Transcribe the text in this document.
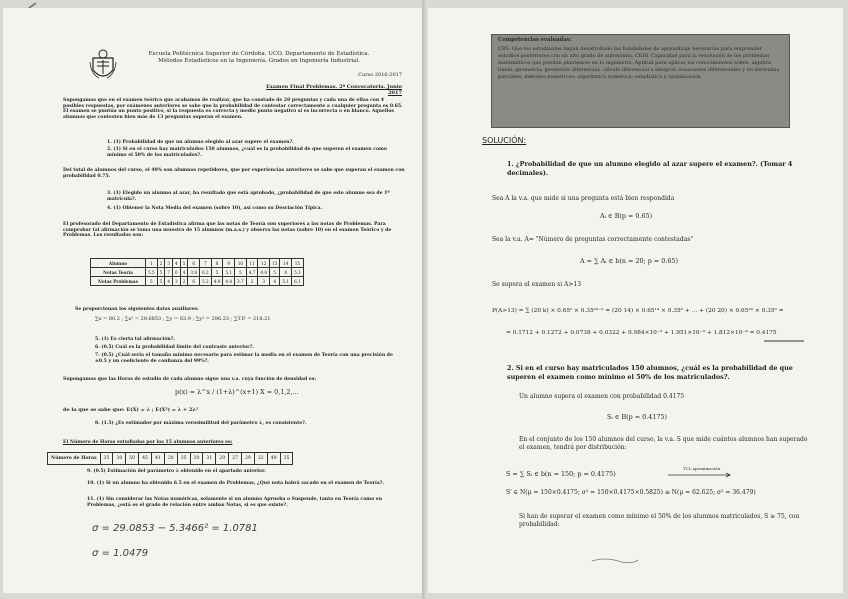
Escuela Politécnica Superior de Córdoba. UCO. Departamento de Estadística.
Métodos Estadísticos en la Ingeniería. Grados en Ingeniería Industrial.
Curso 2016-2017
Examen Final Problemas. 2ª Convocatoria. Junio 2017
Supongamos que en el examen teórico que acabamos de realizar, que ha constado de 20 preguntas y cada una de ellas con 4 posibles respuestas, por exámenes anteriores se sabe que la probabilidad de contestar correctamente a cualquier pregunta es 0.65. El examen se puntúa un punto positivo, si la respuesta es correcta y medio punto negativo si es incorrecta o en blanco. Aquellos alumnos que contesten bien más de 13 preguntas superan el examen.
1. (1) Probabilidad de que un alumno elegido al azar supere el examen?.
2. (1) Si en el curso hay matriculados 150 alumnos, ¿cuál es la probabilidad de que superen el examen como mínimo el 50% de los matriculados?.
Del total de alumnos del curso, el 40% son alumnos repetidores, que por experiencias anteriores se sabe que superan el examen con probabilidad 0.75.
3. (1) Elegido un alumno al azar, ha resultado que está aprobado, ¿probabilidad de que este alumno sea de 1º matrícula?.
4. (1) Obtener la Nota Media del examen (sobre 10), así como su Desviación Típica.
El profesorado del Departamento de Estadística afirma que las notas de Teoría son superiores a las notas de Problemas. Para comprobar tal afirmación se toma una muestra de 15 alumnos (m.a.s.) y observa las notas (sobre 10) en el examen Teórico y de Problemas. Los resultados son:
Alumno	1	2	3	4	5	6	7	8	9	10	11	12	13	14	15
Notas Teoría	5.5	5	7	6	4	3.8	6.2	5	5.1	5	4.7	4.8	5	8	5.1
Notas Problemas	5	5	4	3	2	6	5.2	4.9	4.8	3.7	2	3	4	5.1	6.1
Se proporcionan los siguientes datos auxiliares:
∑x = 80.2 ; ∑x² = 29.6853 ; ∑y = 63.9 ; ∑y² = 296.23 ; ∑T.P. = 218.21
5. (1) Es cierta tal afirmación?.
6. (0.5) Cuál es la probabilidad límite del contraste anterior?.
7. (0.5) ¿Cuál sería el tamaño mínimo necesario para estimar la media en el examen de Teoría con una precisión de ±0.5 y un coeficiente de confianza del 99%?.
Supongamos que las Horas de estudio de cada alumno sigue una v.a. cuya función de densidad es:
p(x) = λ^x / (1+λ)^(x+1) X = 0,1,2,…
de la que se sabe que: E(X) = λ ; E(X²) = λ + 2λ²
8. (1.5) ¿Es estimador por máxima verosimilitud del parámetro λ, es consistente?.
El Número de Horas estudiadas por los 15 alumnos anteriores es:
Número de Horas	35	30	50	45	41	28	35	30	31	29	27	29	32	49	35
9. (0.5) Estimación del parámetro λ obtenido en el apartado anterior.
10. (1) Si un alumno ha obtenido 6.5 en el examen de Problemas, ¿Qué nota habrá sacado en el examen de Teoría?.
11. (1) Sin considerar las Notas numéricas, solamente si un alumno Aprueba o Suspende, tanto en Teoría como en Problemas, ¿está es el grado de relación entre ambas Notas, si es que existe?.
σ = 29.0853 − 5.3466² = 1.0781
σ = 1.0479
Competencias evaluadas:
CB5: Que los estudiantes hayan desarrollado las habilidades de aprendizaje necesarias para emprender estudios posteriores con un alto grado de autonomía. CEB1 Capacidad para la resolución de los problemas matemáticos que puedan plantearse en la ingeniería. Aptitud para aplicar los conocimientos sobre: álgebra lineal; geometría; geometría diferencial; cálculo diferencial e integral; ecuaciones diferenciales y en derivadas parciales; métodos numéricos; algorítmica numérica; estadística y optimización.
SOLUCIÓN:
1. ¿Probabilidad de que un alumno elegido al azar supere el examen?. (Tomar 4 decimales).
Sea A la v.a. que mide si una pregunta está bien respondida
Aᵢ ∈ B(p = 0.65)
Sea la v.a. A= "Número de preguntas correctamente contestadas"
A = ∑ Aᵢ ∈ b(n = 20; p = 0.65)
Se supera el examen si A>13
P(A>13) = ∑ (20 k) × 0.65ᵏ × 0.35²⁰⁻ᵏ = (20 14) × 0.65¹⁴ × 0.35⁶ + … + (20 20) × 0.65²⁰ × 0.35⁰ =
= 0.1712 + 0.1272 + 0.0738 + 0.0322 + 9.984×10⁻³ + 1.951×10⁻³ + 1.812×10⁻⁴ = 0.4175
2. Si en el curso hay matriculados 150 alumnos, ¿cuál es la probabilidad de que superen el examen como mínimo el 50% de los matriculados?.
Un alumno supera el examen con probabilidad 0.4175
Sᵢ ∈ B(p = 0.4175)
En el conjunto de los 150 alumnos del curso, la v.a. S que mide cuántos alumnos han superado el examen, tendrá por distribución:
S = ∑ Sᵢ ∈ b(n = 150; p = 0.4175)
TCL aproximación
S' ∈ N(μ = 150×0.4175; σ² = 150×0.4175×0.5825) ≡ N(μ = 62.625; σ² = 36.479)
Si han de superar el examen como mínimo el 50% de los alumnos matriculados, S ≥ 75, con probabilidad:
